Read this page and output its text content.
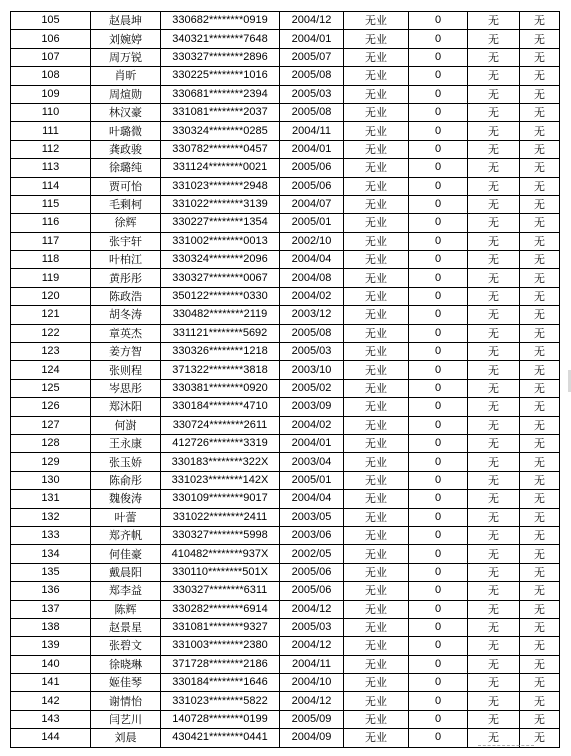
105	赵晨坤	330682********0919	2004/12	无业	0	无	无
106	刘婉婷	340321********7648	2004/01	无业	0	无	无
107	周万锐	330327********2896	2005/07	无业	0	无	无
108	肖昕	330225********1016	2005/08	无业	0	无	无
109	周煊勋	330681********2394	2005/03	无业	0	无	无
110	林汉豪	331081********2037	2005/08	无业	0	无	无
111	叶璐微	330324********0285	2004/11	无业	0	无	无
112	龚政骏	330782********0457	2004/01	无业	0	无	无
113	徐璐纯	331124********0021	2005/06	无业	0	无	无
114	贾可怡	331023********2948	2005/06	无业	0	无	无
115	毛剩柯	331022********3139	2004/07	无业	0	无	无
116	徐辉	330227********1354	2005/01	无业	0	无	无
117	张宇轩	331002********0013	2002/10	无业	0	无	无
118	叶柏江	330324********2096	2004/04	无业	0	无	无
119	黄彤彤	330327********0067	2004/08	无业	0	无	无
120	陈政浩	350122********0330	2004/02	无业	0	无	无
121	胡冬涛	330482********2119	2003/12	无业	0	无	无
122	章英杰	331121********5692	2005/08	无业	0	无	无
123	姜方智	330326********1218	2005/03	无业	0	无	无
124	张则程	371322********3818	2003/10	无业	0	无	无
125	岑思彤	330381********0920	2005/02	无业	0	无	无
126	郑沐阳	330184********4710	2003/09	无业	0	无	无
127	何澍	330724********2611	2004/02	无业	0	无	无
128	王永康	412726********3319	2004/01	无业	0	无	无
129	张玉娇	330183********322X	2003/04	无业	0	无	无
130	陈俞彤	331023********142X	2005/01	无业	0	无	无
131	魏俊涛	330109********9017	2004/04	无业	0	无	无
132	叶蕾	331022********2411	2003/05	无业	0	无	无
133	郑齐帆	330327********5998	2003/06	无业	0	无	无
134	何佳豪	410482********937X	2002/05	无业	0	无	无
135	戴晨阳	330110********501X	2005/06	无业	0	无	无
136	郑李益	330327********6311	2005/06	无业	0	无	无
137	陈辉	330282********6914	2004/12	无业	0	无	无
138	赵景星	331081********9327	2005/03	无业	0	无	无
139	张碧文	331003********2380	2004/12	无业	0	无	无
140	徐晓琳	371728********2186	2004/11	无业	0	无	无
141	姬佳琴	330184********1646	2004/10	无业	0	无	无
142	谢情怡	331023********5822	2004/12	无业	0	无	无
143	闫艺川	140728********0199	2005/09	无业	0	无	无
144	刘晨	430421********0441	2004/09	无业	0	无	无
